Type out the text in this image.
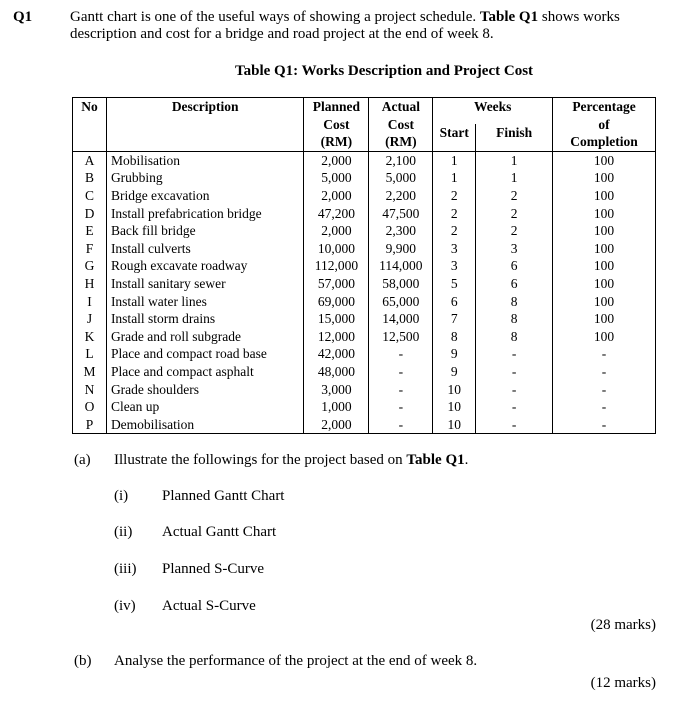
Q1	Gantt chart is one of the useful ways of showing a project schedule. Table Q1 shows works
description and cost for a bridge and road project at the end of week 8.
Table Q1: Works Description and Project Cost
No	Description	Planned
Cost
(RM)	Actual
Cost
(RM)	Weeks		Percentage
of
Completion
				Start	Finish	
A	Mobilisation	2,000	2,100	1	1	100
B	Grubbing	5,000	5,000	1	1	100
C	Bridge excavation	2,000	2,200	2	2	100
D	Install prefabrication bridge	47,200	47,500	2	2	100
E	Back fill bridge	2,000	2,300	2	2	100
F	Install culverts	10,000	9,900	3	3	100
G	Rough excavate roadway	112,000	114,000	3	6	100
H	Install sanitary sewer	57,000	58,000	5	6	100
I	Install water lines	69,000	65,000	6	8	100
J	Install storm drains	15,000	14,000	7	8	100
K	Grade and roll subgrade	12,000	12,500	8	8	100
L	Place and compact road base	42,000	-	9	-	-
M	Place and compact asphalt	48,000	-	9	-	-
N	Grade shoulders	3,000	-	10	-	-
O	Clean up	1,000	-	10	-	-
P	Demobilisation	2,000	-	10	-	-
(a) Illustrate the followings for the project based on Table Q1.
(i) Planned Gantt Chart
(ii) Actual Gantt Chart
(iii) Planned S-Curve
(iv) Actual S-Curve
(28 marks)
(b) Analyse the performance of the project at the end of week 8.
(12 marks)
